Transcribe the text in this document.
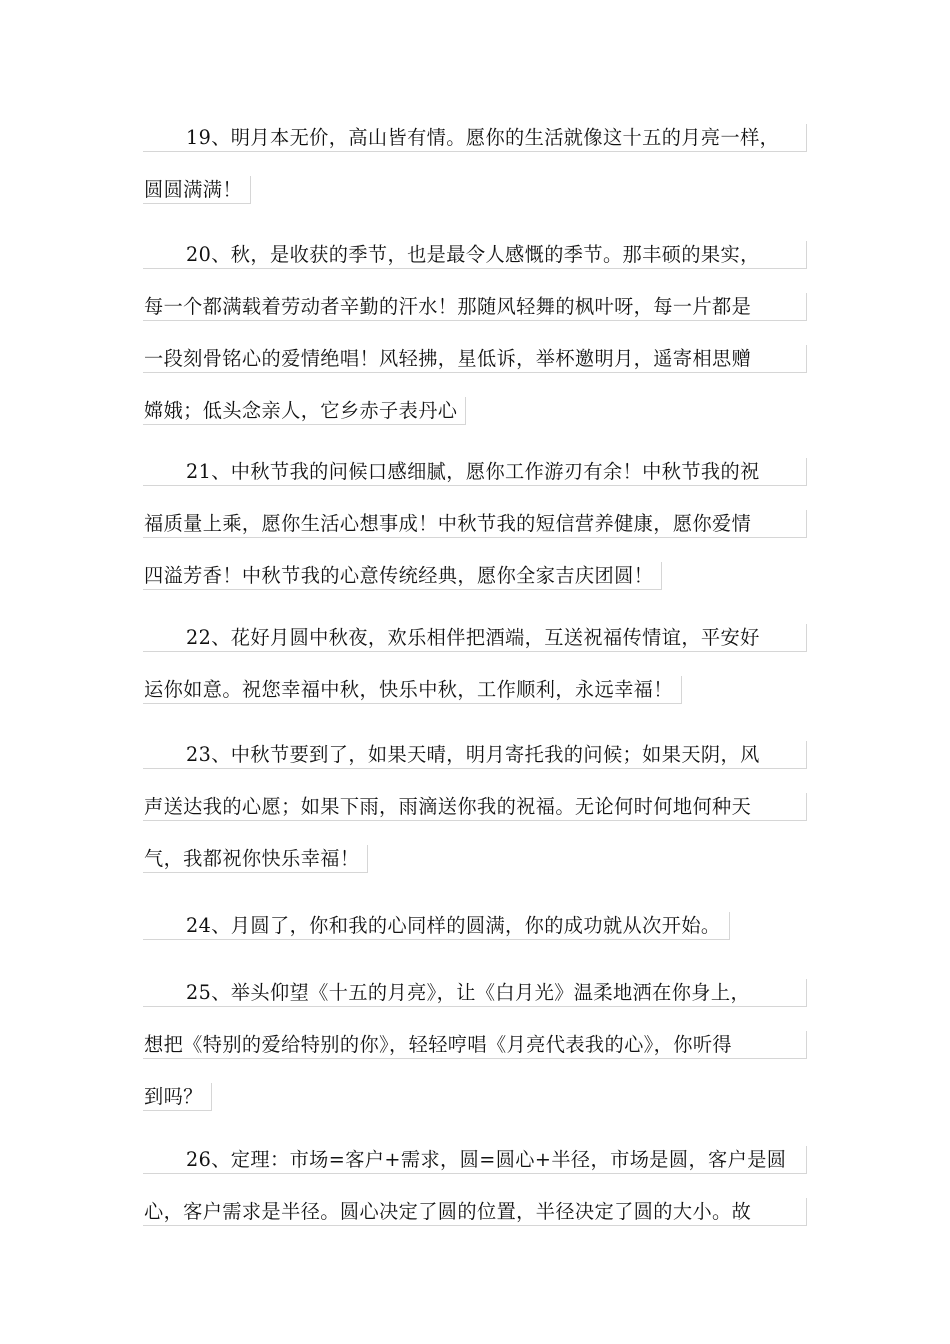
19、明月本无价，高山皆有情。愿你的生活就像这十五的月亮一样，
圆圆满满！
20、秋，是收获的季节，也是最令人感慨的季节。那丰硕的果实，
每一个都满载着劳动者辛勤的汗水！那随风轻舞的枫叶呀，每一片都是
一段刻骨铭心的爱情绝唱！风轻拂，星低诉，举杯邀明月，遥寄相思赠
嫦娥；低头念亲人，它乡赤子表丹心
21、中秋节我的问候口感细腻，愿你工作游刃有余！中秋节我的祝
福质量上乘，愿你生活心想事成！中秋节我的短信营养健康，愿你爱情
四溢芳香！中秋节我的心意传统经典，愿你全家吉庆团圆！
22、花好月圆中秋夜，欢乐相伴把酒端，互送祝福传情谊，平安好
运你如意。祝您幸福中秋，快乐中秋，工作顺利，永远幸福！
23、中秋节要到了，如果天晴，明月寄托我的问候；如果天阴，风
声送达我的心愿；如果下雨，雨滴送你我的祝福。无论何时何地何种天
气，我都祝你快乐幸福！
24、月圆了，你和我的心同样的圆满，你的成功就从次开始。
25、举头仰望《十五的月亮》，让《白月光》温柔地洒在你身上，
想把《特别的爱给特别的你》，轻轻哼唱《月亮代表我的心》，你听得
到吗？
26、定理：市场=客户+需求，圆=圆心+半径，市场是圆，客户是圆
心，客户需求是半径。圆心决定了圆的位置，半径决定了圆的大小。故
